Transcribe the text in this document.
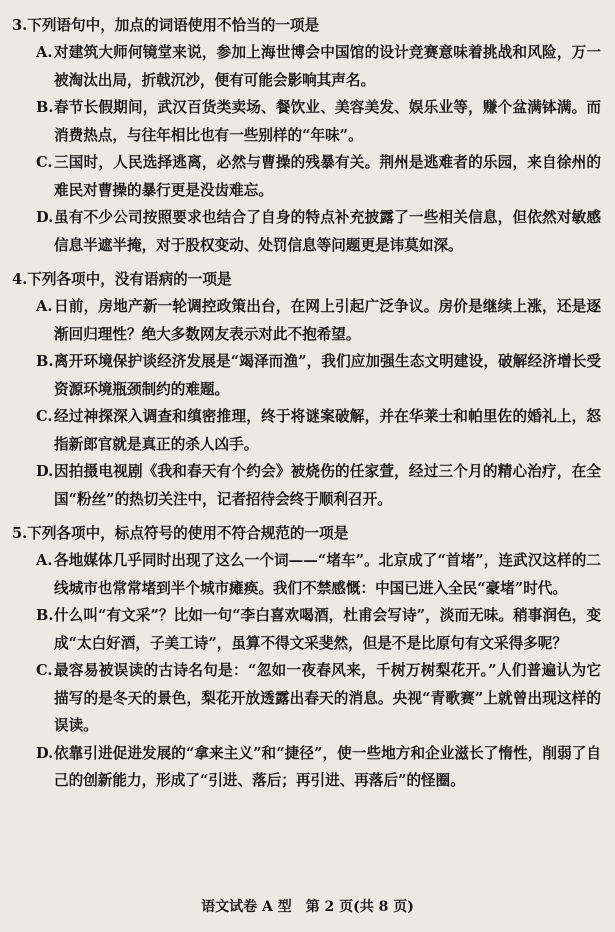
3.下列语句中，加点的词语使用不恰当的一项是
A. 对建筑大师何镜堂来说，参加上海世博会中国馆的设计竞赛意味着挑战和风险，万一被淘汰出局，折戟沉沙，便有可能会影响其声名。
B. 春节长假期间，武汉百货类卖场、餐饮业、美容美发、娱乐业等，赚个盆满钵满。而消费热点，与往年相比也有一些别样的“年味”。
C. 三国时，人民选择逃离，必然与曹操的残暴有关。荆州是逃难者的乐园，来自徐州的难民对曹操的暴行更是没齿难忘。
D. 虽有不少公司按照要求也结合了自身的特点补充披露了一些相关信息，但依然对敏感信息半遮半掩，对于股权变动、处罚信息等问题更是讳莫如深。
4.下列各项中，没有语病的一项是
A. 日前，房地产新一轮调控政策出台，在网上引起广泛争议。房价是继续上涨，还是逐渐回归理性？绝大多数网友表示对此不抱希望。
B. 离开环境保护谈经济发展是“竭泽而渔”，我们应加强生态文明建设，破解经济增长受资源环境瓶颈制约的难题。
C. 经过神探深入调查和缜密推理，终于将谜案破解，并在华莱士和帕里佐的婚礼上，怒指新郎官就是真正的杀人凶手。
D. 因拍摄电视剧《我和春天有个约会》被烧伤的任家萱，经过三个月的精心治疗，在全国“粉丝”的热切关注中，记者招待会终于顺利召开。
5.下列各项中，标点符号的使用不符合规范的一项是
A. 各地媒体几乎同时出现了这么一个词——“堵车”。北京成了“首堵”，连武汉这样的二线城市也常常堵到半个城市瘫痪。我们不禁感慨：中国已进入全民“豪堵”时代。
B. 什么叫“有文采”？比如一句“李白喜欢喝酒，杜甫会写诗”，淡而无味。稍事润色，变成“太白好酒，子美工诗”，虽算不得文采斐然，但是不是比原句有文采得多呢？
C. 最容易被误读的古诗名句是：“忽如一夜春风来，千树万树梨花开。”人们普遍认为它描写的是冬天的景色，梨花开放透露出春天的消息。央视“青歌赛”上就曾出现这样的误读。
D. 依靠引进促进发展的“拿来主义”和“捷径”，使一些地方和企业滋长了惰性，削弱了自己的创新能力，形成了“引进、落后；再引进、再落后”的怪圈。
语文试卷 A 型　第 2 页(共 8 页)
